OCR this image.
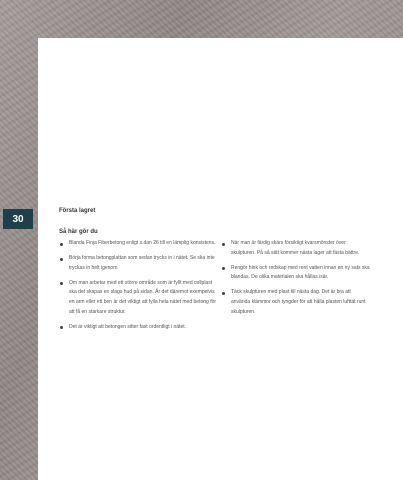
30
Första lagret
Så här gör du
Blanda Finja Fiberbetong enligt s.dan 26 till en lämplig konsistens.
Börja forma betongplattan som sedan trycks in i nätet. Se ska inte tryckas in helt igenom.
Om man arbetar med ett större område som är fyllt med cellplast ska det skapas en slags hud på sidan. Är det däremot exempelvis en arm eller ett ben är det viktigt att fylla hela nätet med betong för att få en starkare struktur.
Det är viktigt att betongen sitter fast ordentligt i nätet.
När man är färdig skärs försiktigt kvarsmönster över skulpturen. På så sätt kommer nästa lager att fästa bättre.
Rengör hink och redskap med rent vatten innan en ny sats ska blandas. De olika materialen ska hållas isär.
Täck skulpturen med plast till nästa dag. Det är bra att använda klämmor och tyngder för att hålla plasten lufttät runt skulpturen.
